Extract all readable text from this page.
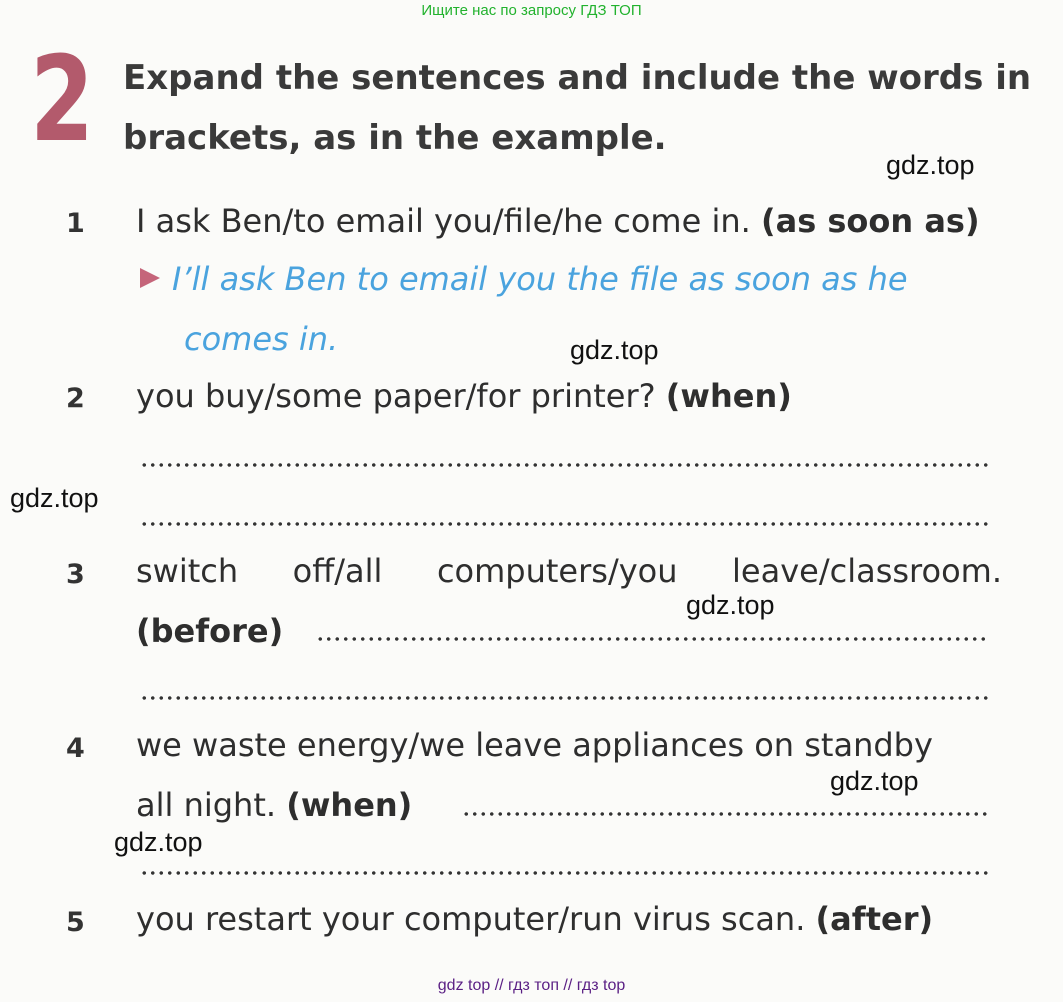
Ищите нас по запросу ГДЗ ТОП
2 Expand the sentences and include the words in
brackets, as in the example.
1 I ask Ben/to email you/file/he come in. (as soon as)
I’ll ask Ben to email you the file as soon as he
comes in.
2 you buy/some paper/for printer? (when)
3 switch off/all computers/you leave/classroom.
(before)
4 we waste energy/we leave appliances on standby
all night. (when)
5 you restart your computer/run virus scan. (after)
gdz.top
gdz.top
gdz.top
gdz.top
gdz.top
gdz.top
gdz top // гдз топ // гдз top
